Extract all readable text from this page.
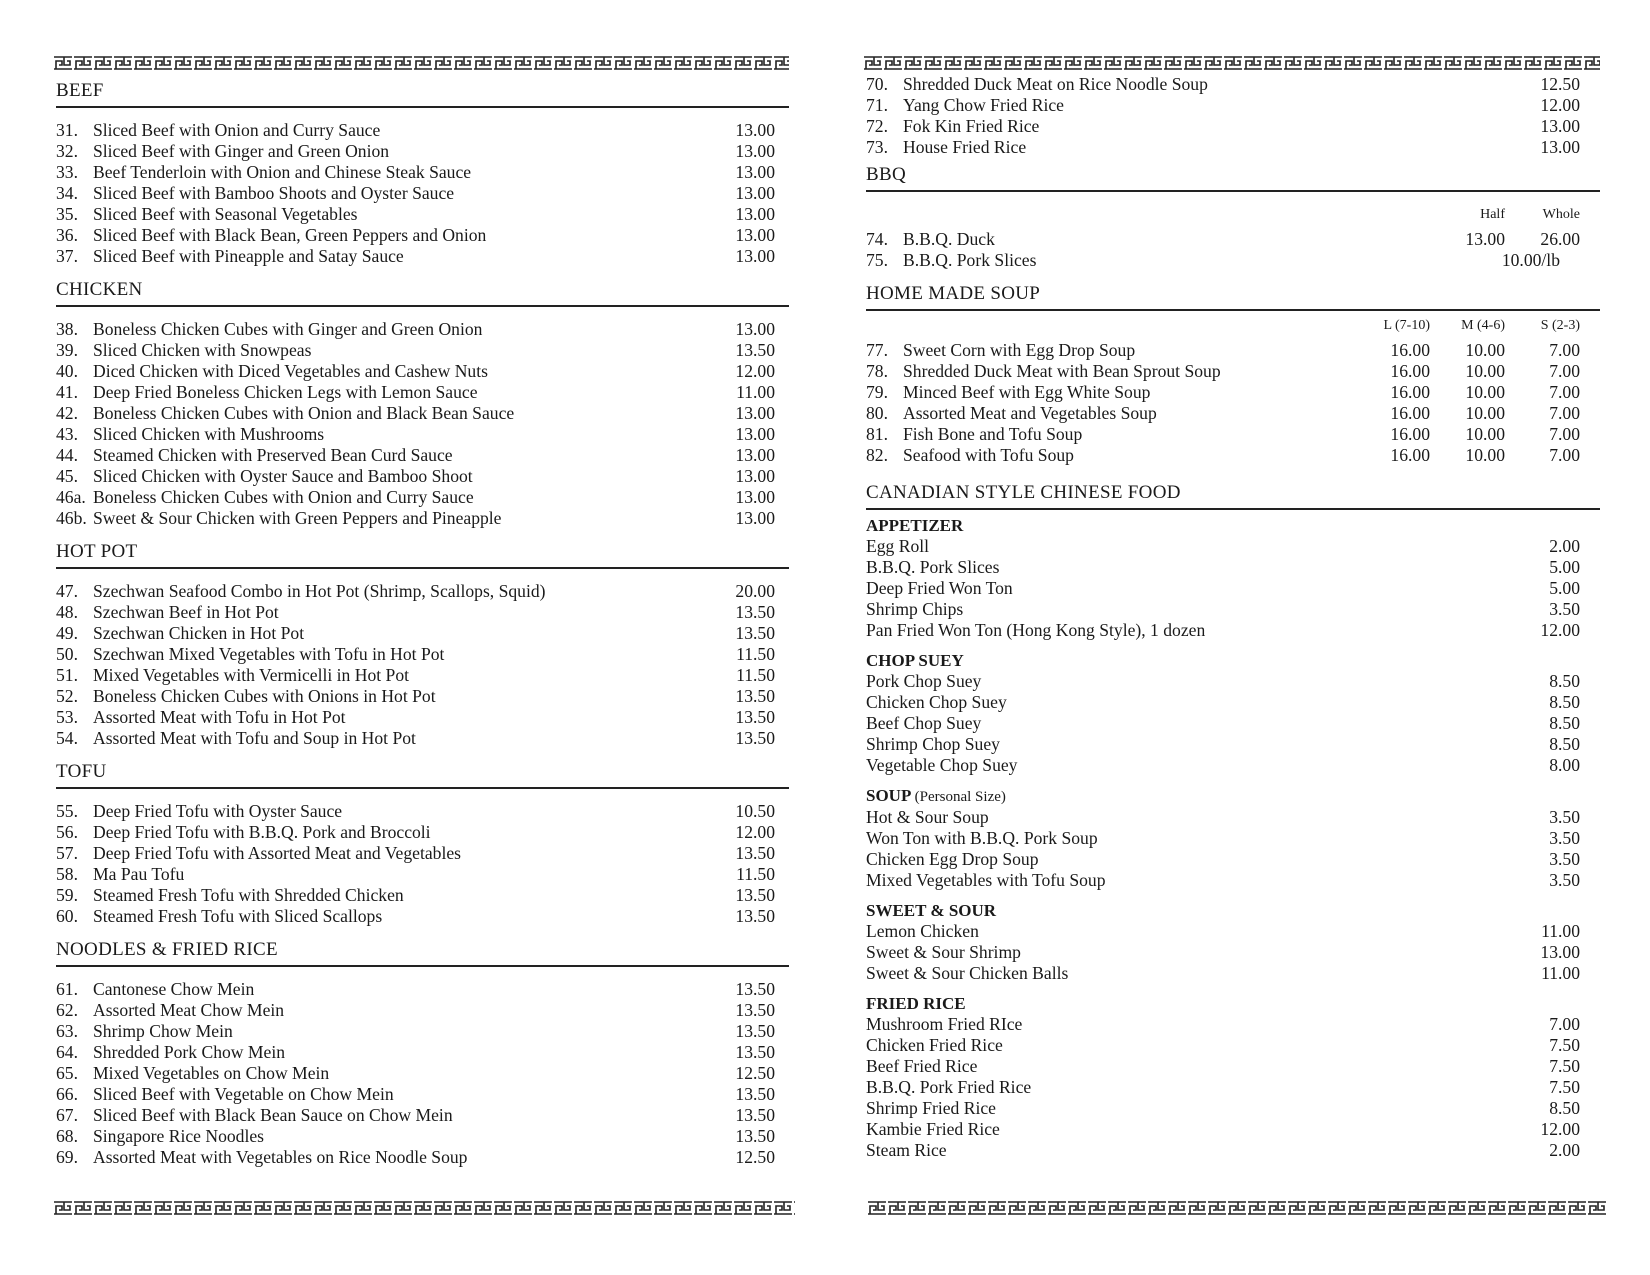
BEEF
31. Sliced Beef with Onion and Curry Sauce	13.00
32. Sliced Beef with Ginger and Green Onion	13.00
33. Beef Tenderloin with Onion and Chinese Steak Sauce	13.00
34. Sliced Beef with Bamboo Shoots and Oyster Sauce	13.00
35. Sliced Beef with Seasonal Vegetables	13.00
36. Sliced Beef with Black Bean, Green Peppers and Onion	13.00
37. Sliced Beef with Pineapple and Satay Sauce	13.00
CHICKEN
38. Boneless Chicken Cubes with Ginger and Green Onion	13.00
39. Sliced Chicken with Snowpeas	13.50
40. Diced Chicken with Diced Vegetables and Cashew Nuts	12.00
41. Deep Fried Boneless Chicken Legs with Lemon Sauce	11.00
42. Boneless Chicken Cubes with Onion and Black Bean Sauce	13.00
43. Sliced Chicken with Mushrooms	13.00
44. Steamed Chicken with Preserved Bean Curd Sauce	13.00
45. Sliced Chicken with Oyster Sauce and Bamboo Shoot	13.00
46a. Boneless Chicken Cubes with Onion and Curry Sauce	13.00
46b. Sweet & Sour Chicken with Green Peppers and Pineapple	13.00
HOT POT
47. Szechwan Seafood Combo in Hot Pot (Shrimp, Scallops, Squid)	20.00
48. Szechwan Beef in Hot Pot	13.50
49. Szechwan Chicken in Hot Pot	13.50
50. Szechwan Mixed Vegetables with Tofu in Hot Pot	11.50
51. Mixed Vegetables with Vermicelli in Hot Pot	11.50
52. Boneless Chicken Cubes with Onions in Hot Pot	13.50
53. Assorted Meat with Tofu in Hot Pot	13.50
54. Assorted Meat with Tofu and Soup in Hot Pot	13.50
TOFU
55. Deep Fried Tofu with Oyster Sauce	10.50
56. Deep Fried Tofu with B.B.Q. Pork and Broccoli	12.00
57. Deep Fried Tofu with Assorted Meat and Vegetables	13.50
58. Ma Pau Tofu	11.50
59. Steamed Fresh Tofu with Shredded Chicken	13.50
60. Steamed Fresh Tofu with Sliced Scallops	13.50
NOODLES & FRIED RICE
61. Cantonese Chow Mein	13.50
62. Assorted Meat Chow Mein	13.50
63. Shrimp Chow Mein	13.50
64. Shredded Pork Chow Mein	13.50
65. Mixed Vegetables on Chow Mein	12.50
66. Sliced Beef with Vegetable on Chow Mein	13.50
67. Sliced Beef with Black Bean Sauce on Chow Mein	13.50
68. Singapore Rice Noodles	13.50
69. Assorted Meat with Vegetables on Rice Noodle Soup	12.50
70. Shredded Duck Meat on Rice Noodle Soup	12.50
71. Yang Chow Fried Rice	12.00
72. Fok Kin Fried Rice	13.00
73. House Fried Rice	13.00
BBQ
Half	Whole
74. B.B.Q. Duck	13.00	26.00
75. B.B.Q. Pork Slices	10.00/lb
HOME MADE SOUP
L (7-10)	M (4-6)	S (2-3)
77. Sweet Corn with Egg Drop Soup	16.00	10.00	7.00
78. Shredded Duck Meat with Bean Sprout Soup	16.00	10.00	7.00
79. Minced Beef with Egg White Soup	16.00	10.00	7.00
80. Assorted Meat and Vegetables Soup	16.00	10.00	7.00
81. Fish Bone and Tofu Soup	16.00	10.00	7.00
82. Seafood with Tofu Soup	16.00	10.00	7.00
CANADIAN STYLE CHINESE FOOD
APPETIZER
Egg Roll	2.00
B.B.Q. Pork Slices	5.00
Deep Fried Won Ton	5.00
Shrimp Chips	3.50
Pan Fried Won Ton (Hong Kong Style), 1 dozen	12.00
CHOP SUEY
Pork Chop Suey	8.50
Chicken Chop Suey	8.50
Beef Chop Suey	8.50
Shrimp Chop Suey	8.50
Vegetable Chop Suey	8.00
SOUP (Personal Size)
Hot & Sour Soup	3.50
Won Ton with B.B.Q. Pork Soup	3.50
Chicken Egg Drop Soup	3.50
Mixed Vegetables with Tofu Soup	3.50
SWEET & SOUR
Lemon Chicken	11.00
Sweet & Sour Shrimp	13.00
Sweet & Sour Chicken Balls	11.00
FRIED RICE
Mushroom Fried RIce	7.00
Chicken Fried Rice	7.50
Beef Fried Rice	7.50
B.B.Q. Pork Fried Rice	7.50
Shrimp Fried Rice	8.50
Kambie Fried Rice	12.00
Steam Rice	2.00
